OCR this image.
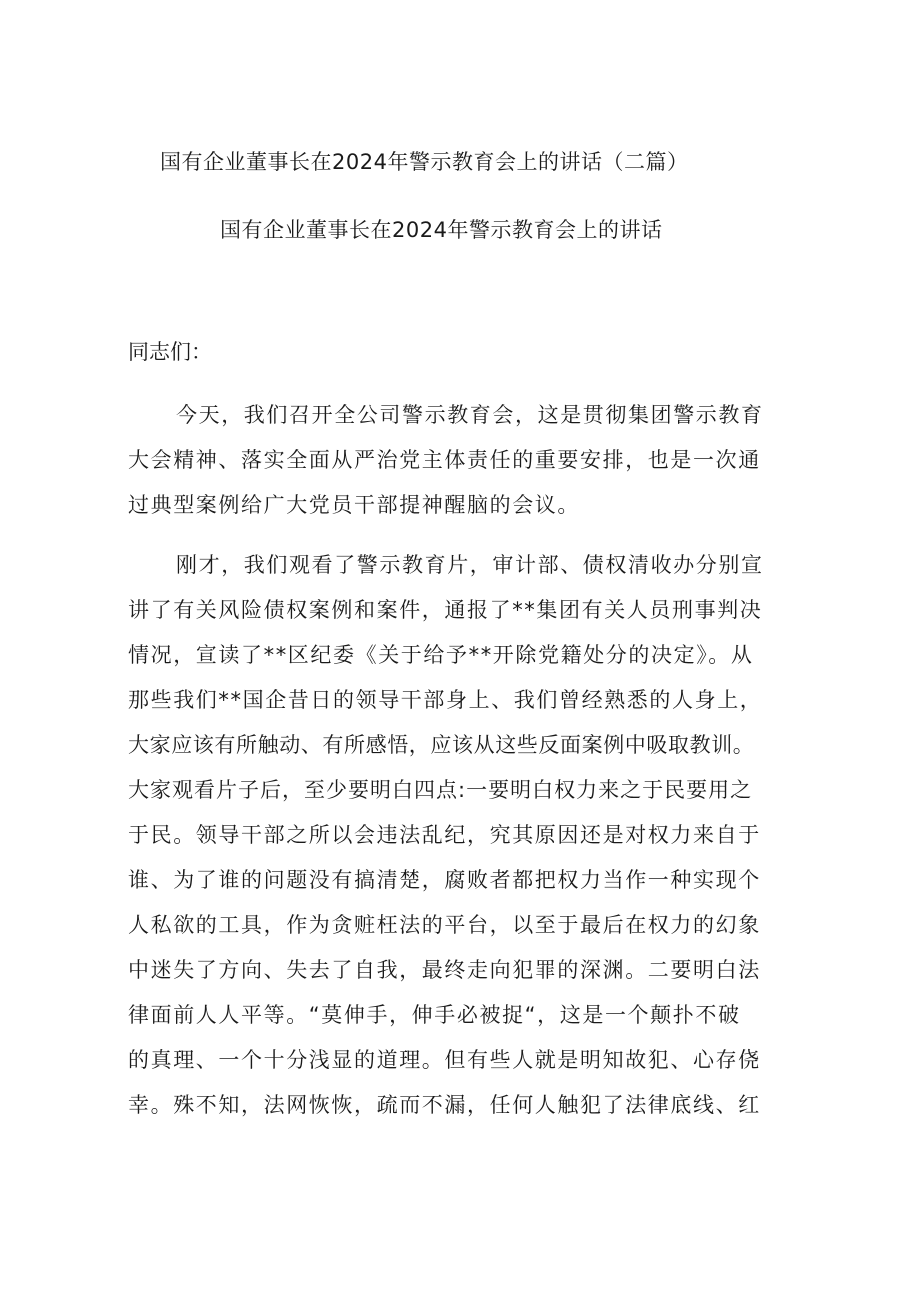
国有企业董事长在2024年警示教育会上的讲话（二篇）
国有企业董事长在2024年警示教育会上的讲话
同志们：
今天，我们召开全公司警示教育会，这是贯彻集团警示教育
大会精神、落实全面从严治党主体责任的重要安排，也是一次通
过典型案例给广大党员干部提神醒脑的会议。
刚才，我们观看了警示教育片，审计部、债权清收办分别宣
讲了有关风险债权案例和案件，通报了**集团有关人员刑事判决
情况，宣读了**区纪委《关于给予**开除党籍处分的决定》。从
那些我们**国企昔日的领导干部身上、我们曾经熟悉的人身上，
大家应该有所触动、有所感悟，应该从这些反面案例中吸取教训。
大家观看片子后，至少要明白四点:一要明白权力来之于民要用之
于民。领导干部之所以会违法乱纪，究其原因还是对权力来自于
谁、为了谁的问题没有搞清楚，腐败者都把权力当作一种实现个
人私欲的工具，作为贪赃枉法的平台，以至于最后在权力的幻象
中迷失了方向、失去了自我，最终走向犯罪的深渊。二要明白法
律面前人人平等。“莫伸手，伸手必被捉“，这是一个颠扑不破
的真理、一个十分浅显的道理。但有些人就是明知故犯、心存侥
幸。殊不知，法网恢恢，疏而不漏，任何人触犯了法律底线、红
